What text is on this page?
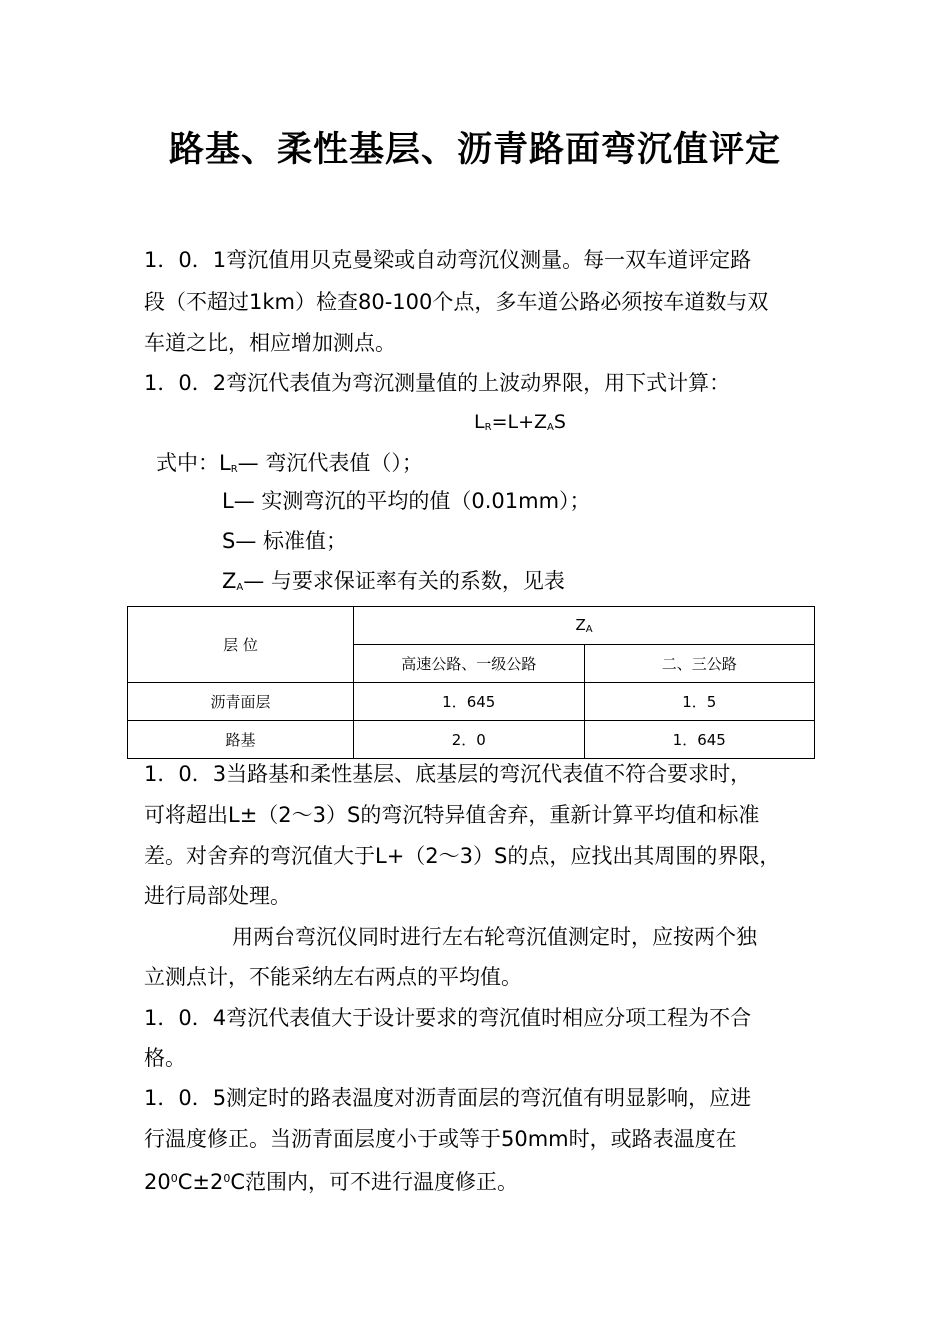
路基、柔性基层、沥青路面弯沉值评定
1．0．1弯沉值用贝克曼梁或自动弯沉仪测量。每一双车道评定路
段（不超过1km）检查80-100个点，多车道公路必须按车道数与双
车道之比，相应增加测点。
1．0．2弯沉代表值为弯沉测量值的上波动界限，用下式计算：
$L_R=L+Z_AS$
式中：$L_R—$ 弯沉代表值（）；
L— 实测弯沉的平均的值（0.01mm）；
S— 标准值；
$Z_A—$ 与要求保证率有关的系数，见表
层 位	$Z_A$
	高速公路、一级公路	二、三公路
沥青面层	1．645	1．5
路基	2．0	1．645
1．0．3当路基和柔性基层、底基层的弯沉代表值不符合要求时，
可将超出L±（2～3）S的弯沉特异值舍弃，重新计算平均值和标准
差。对舍弃的弯沉值大于L+（2～3）S的点，应找出其周围的界限，
进行局部处理。
用两台弯沉仪同时进行左右轮弯沉值测定时，应按两个独
立测点计，不能采纳左右两点的平均值。
1．0．4弯沉代表值大于设计要求的弯沉值时相应分项工程为不合
格。
1．0．5测定时的路表温度对沥青面层的弯沉值有明显影响，应进
行温度修正。当沥青面层度小于或等于50mm时，或路表温度在
$20^0C\pm 2^0C$范围内，可不进行温度修正。
